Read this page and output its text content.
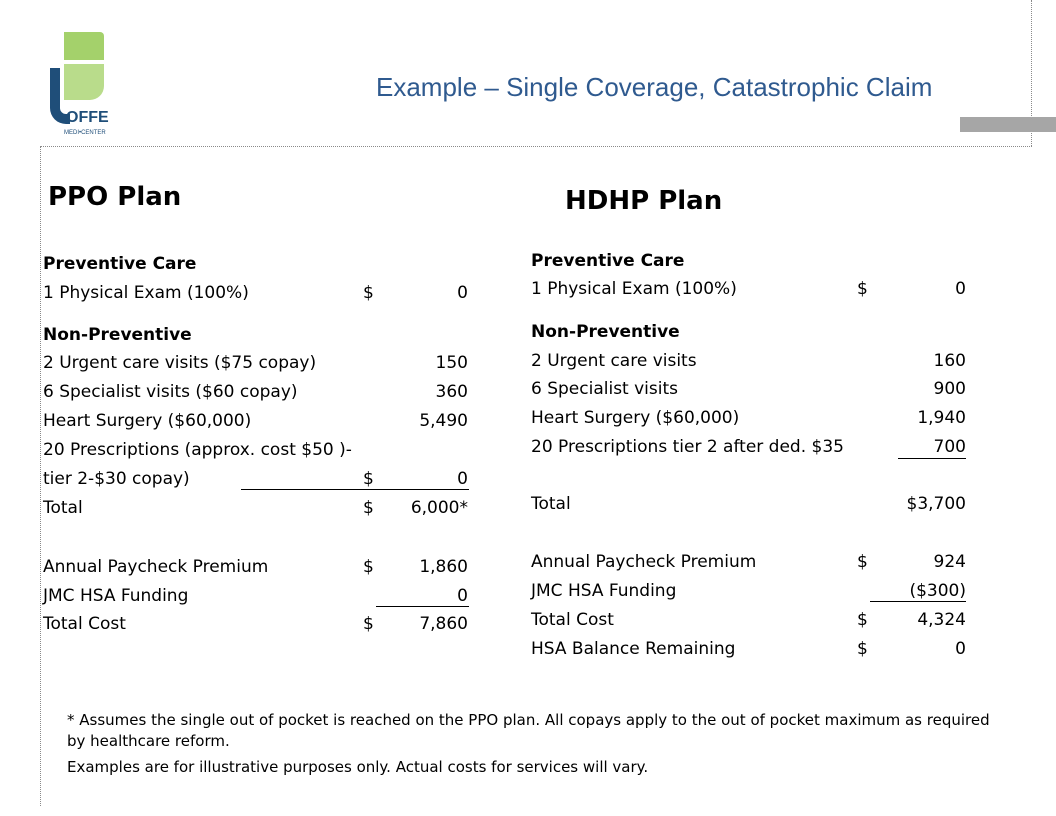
OFFE
MEDI•CENTER
Example – Single Coverage, Catastrophic Claim
PPO Plan
Preventive Care
1 Physical Exam (100%)	$	0
Non-Preventive
2 Urgent care visits ($75 copay)	150
6 Specialist visits ($60 copay)	360
Heart Surgery ($60,000)	5,490
20 Prescriptions (approx. cost $50 )-
tier 2-$30 copay)	$	0
Total	$ 6,000*
Annual Paycheck Premium	$	1,860
JMC HSA Funding	0
Total Cost	$	7,860
HDHP Plan
Preventive Care
1 Physical Exam (100%)	$	0
Non-Preventive
2 Urgent care visits	160
6 Specialist visits	900
Heart Surgery ($60,000)	1,940
20 Prescriptions tier 2 after ded. $35	700
Total	$3,700
Annual Paycheck Premium	$	924
JMC HSA Funding	($300)
Total Cost	$	4,324
HSA Balance Remaining	$	0
* Assumes the single out of pocket is reached on the PPO plan. All copays apply to the out of pocket maximum as required by healthcare reform.
Examples are for illustrative purposes only. Actual costs for services will vary.
